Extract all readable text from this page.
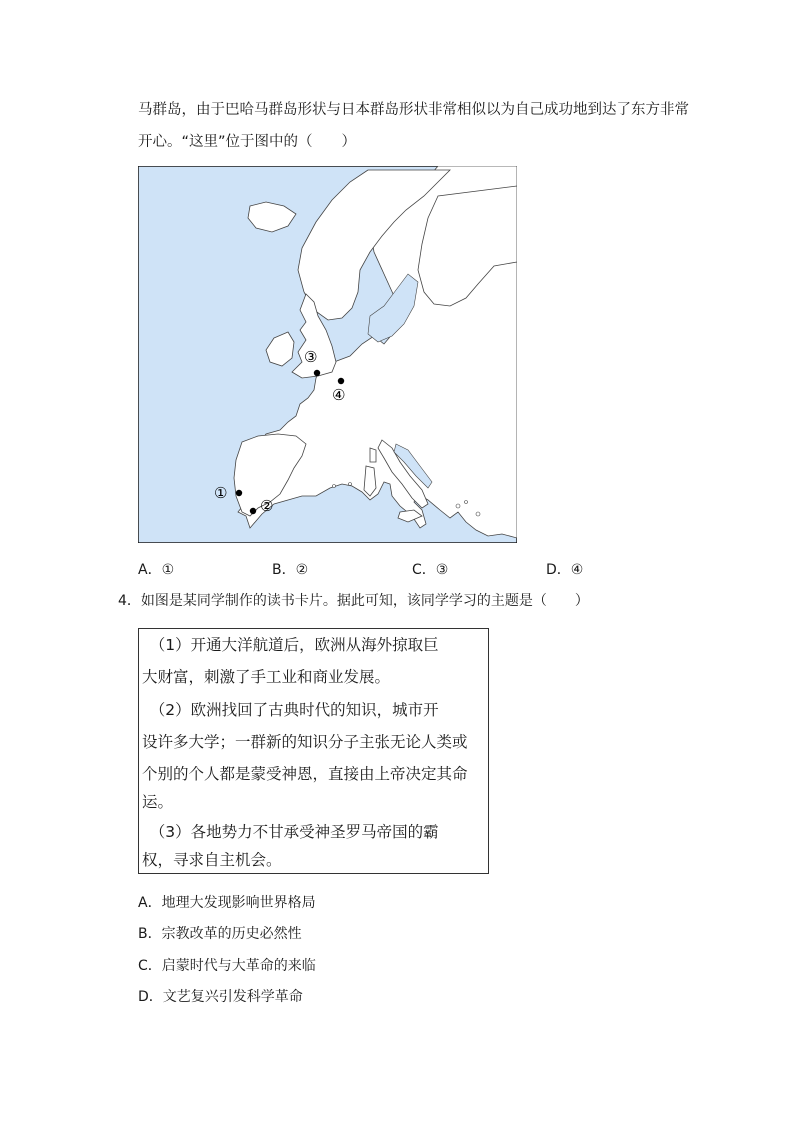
马群岛，由于巴哈马群岛形状与日本群岛形状非常相似以为自己成功地到达了东方非常
开心。“这里”位于图中的（　　）
①
②
③
④
A．①	B．②	C．③	D．④
4．如图是某同学制作的读书卡片。据此可知，该同学学习的主题是（　　）
　（1）开通大洋航道后，欧洲从海外掠取巨
大财富，刺激了手工业和商业发展。
　（2）欧洲找回了古典时代的知识，城市开
设许多大学；一群新的知识分子主张无论人类或
个别的个人都是蒙受神恩，直接由上帝决定其命
运。
　（3）各地势力不甘承受神圣罗马帝国的霸
权，寻求自主机会。
A．地理大发现影响世界格局
B．宗教改革的历史必然性
C．启蒙时代与大革命的来临
D．文艺复兴引发科学革命
